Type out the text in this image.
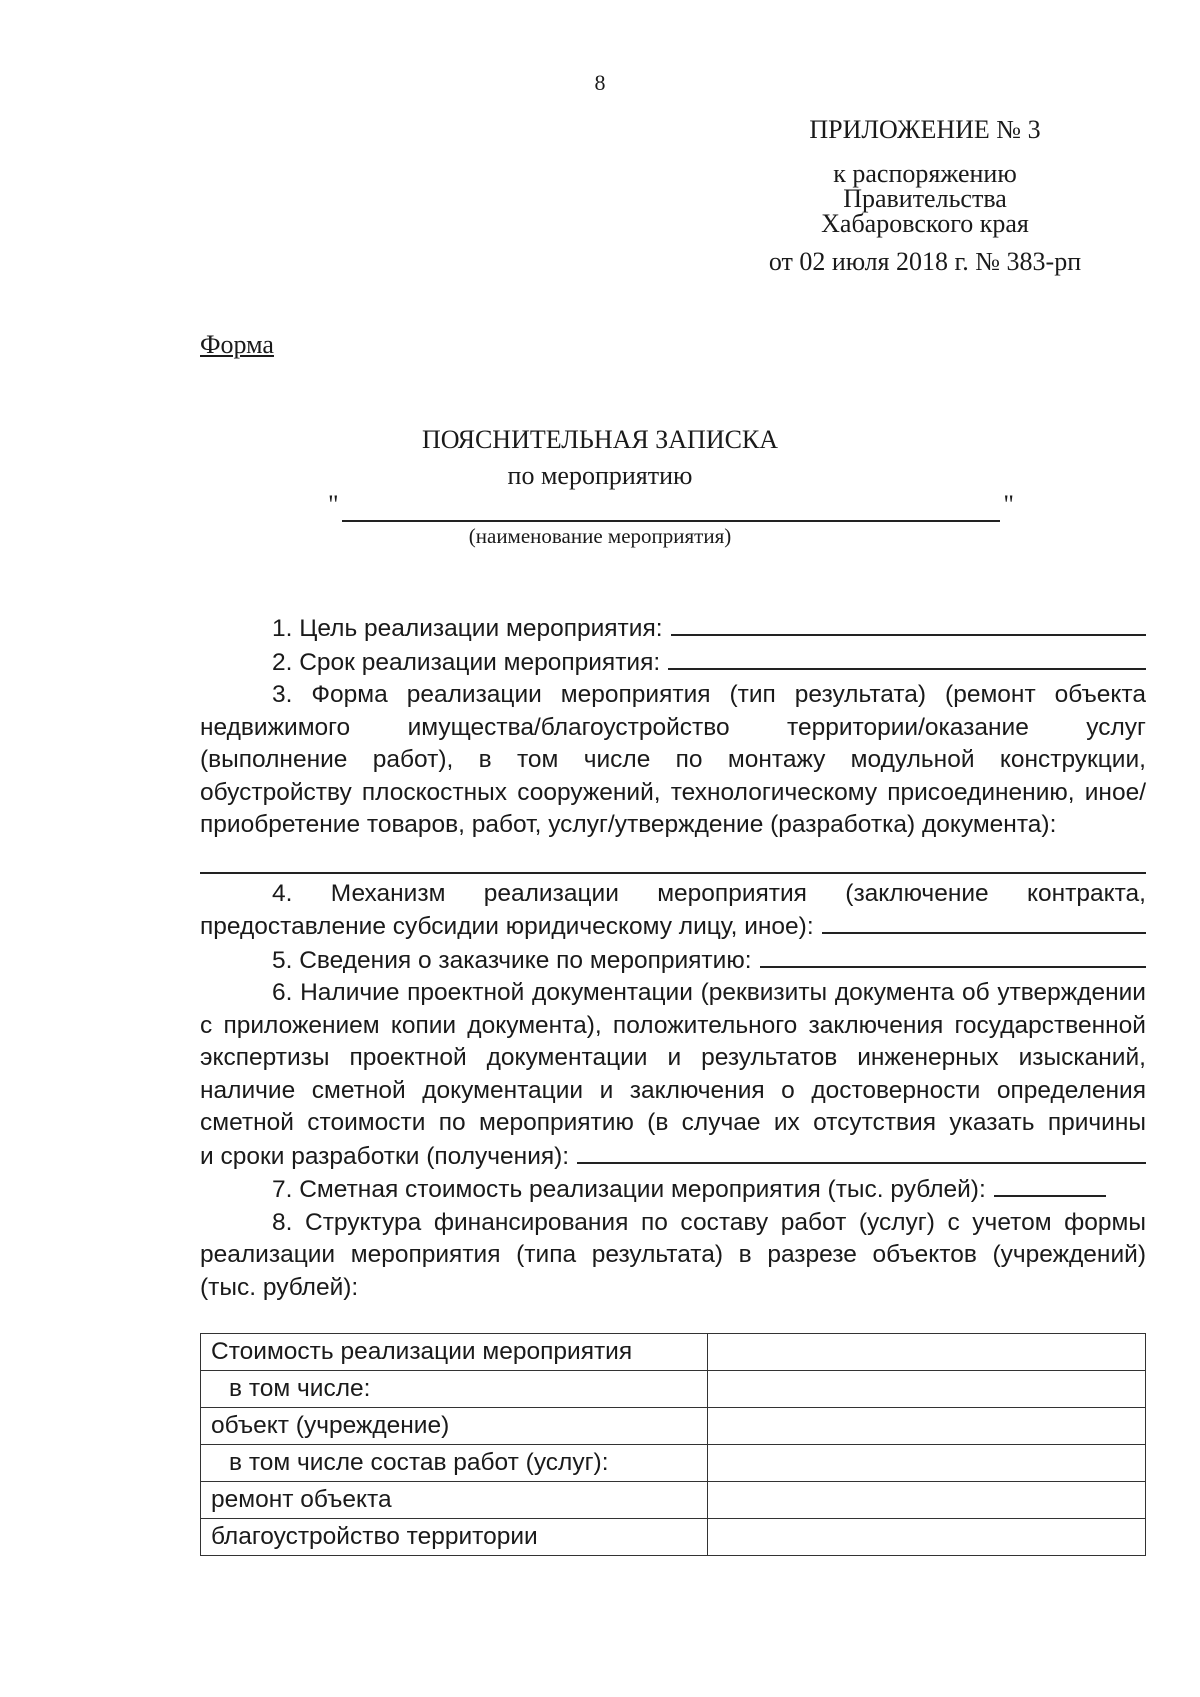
8
ПРИЛОЖЕНИЕ № 3
к распоряжению
Правительства
Хабаровского края
от 02 июля 2018 г. № 383-рп
Форма
ПОЯСНИТЕЛЬНАЯ ЗАПИСКА
по мероприятию
"	"
(наименование мероприятия)
1. Цель реализации мероприятия:
2. Срок реализации мероприятия:

3. Форма реализации мероприятия (тип результата) (ремонт объекта недвижимого имущества/благоустройство территории/оказание услуг (выполнение работ), в том числе по монтажу модульной конструкции, обустройству плоскостных сооружений, технологическому присоединению, иное/приобретение товаров, работ, услуг/утверждение (разработка) документа):

4. Механизм реализации мероприятия (заключение контракта,

предоставление субсидии юридическому лицу, иное):
5. Сведения о заказчике по мероприятию:

6. Наличие проектной документации (реквизиты документа об утверждении с приложением копии документа), положительного заключения государственной экспертизы проектной документации и результатов инженерных изысканий, наличие сметной документации и заключения о достоверности определения сметной стоимости по мероприятию (в случае их отсутствия указать причины

и сроки разработки (получения):
7. Сметная стоимость реализации мероприятия (тыс. рублей):

8. Структура финансирования по составу работ (услуг) с учетом формы реализации мероприятия (типа результата) в разрезе объектов (учреждений) (тыс. рублей):

Стоимость реализации мероприятия	
в том числе:	
объект (учреждение)	
в том числе состав работ (услуг):	
ремонт объекта	
благоустройство территории	
